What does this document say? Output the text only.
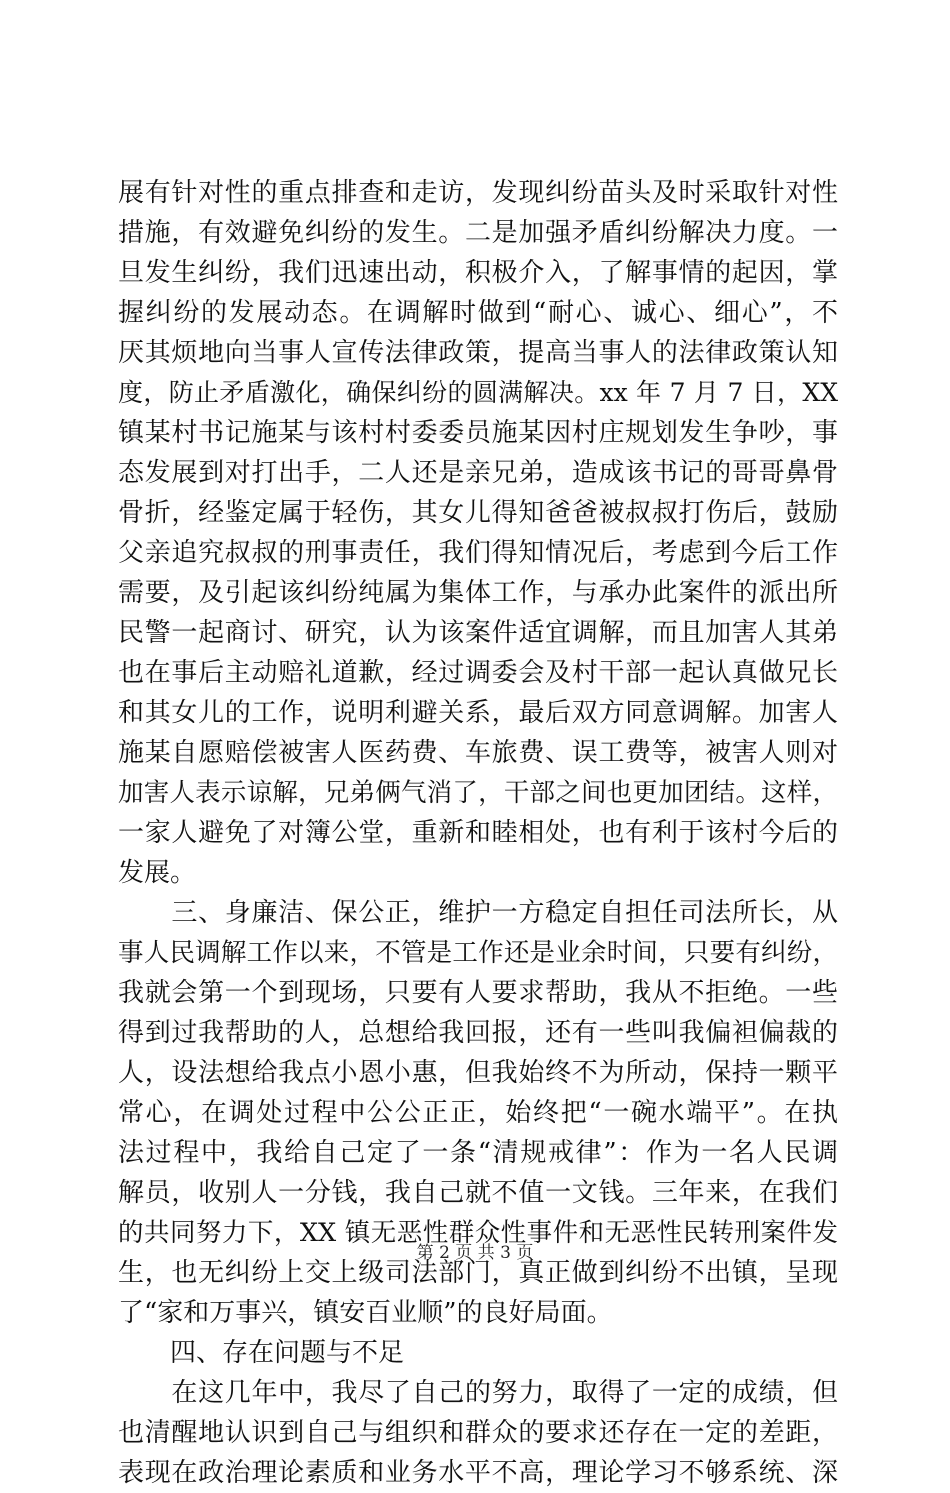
展有针对性的重点排查和走访，发现纠纷苗头及时采取针对性
措施，有效避免纠纷的发生。二是加强矛盾纠纷解决力度。一
旦发生纠纷，我们迅速出动，积极介入，了解事情的起因，掌
握纠纷的发展动态。在调解时做到“耐心、诚心、细心”，不
厌其烦地向当事人宣传法律政策，提高当事人的法律政策认知
度，防止矛盾激化，确保纠纷的圆满解决。xx 年 7 月 7 日，XX
镇某村书记施某与该村村委委员施某因村庄规划发生争吵，事
态发展到对打出手，二人还是亲兄弟，造成该书记的哥哥鼻骨
骨折，经鉴定属于轻伤，其女儿得知爸爸被叔叔打伤后，鼓励
父亲追究叔叔的刑事责任，我们得知情况后，考虑到今后工作
需要，及引起该纠纷纯属为集体工作，与承办此案件的派出所
民警一起商讨、研究，认为该案件适宜调解，而且加害人其弟
也在事后主动赔礼道歉，经过调委会及村干部一起认真做兄长
和其女儿的工作，说明利避关系，最后双方同意调解。加害人
施某自愿赔偿被害人医药费、车旅费、误工费等，被害人则对
加害人表示谅解，兄弟俩气消了，干部之间也更加团结。这样，
一家人避免了对簿公堂，重新和睦相处，也有利于该村今后的
发展。
　　三、身廉洁、保公正，维护一方稳定自担任司法所长，从
事人民调解工作以来，不管是工作还是业余时间，只要有纠纷，
我就会第一个到现场，只要有人要求帮助，我从不拒绝。一些
得到过我帮助的人，总想给我回报，还有一些叫我偏袒偏裁的
人，设法想给我点小恩小惠，但我始终不为所动，保持一颗平
常心，在调处过程中公公正正，始终把“一碗水端平”。在执
法过程中，我给自己定了一条“清规戒律”：作为一名人民调
解员，收别人一分钱，我自己就不值一文钱。三年来，在我们
的共同努力下，XX 镇无恶性群众性事件和无恶性民转刑案件发
生，也无纠纷上交上级司法部门，真正做到纠纷不出镇，呈现
了“家和万事兴，镇安百业顺”的良好局面。
　　四、存在问题与不足
　　在这几年中，我尽了自己的努力，取得了一定的成绩，但
也清醒地认识到自己与组织和群众的要求还存在一定的差距，
表现在政治理论素质和业务水平不高，理论学习不够系统、深
第 2 页 共 3 页
